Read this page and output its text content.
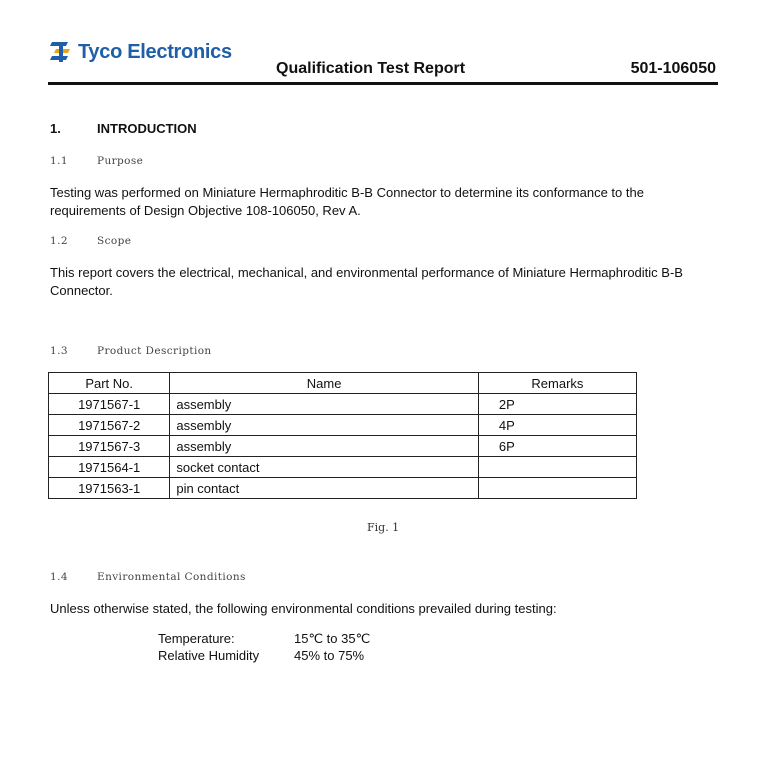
Tyco Electronics
Qualification Test Report	501-106050
1.	INTRODUCTION
1.1	Purpose
Testing was performed on Miniature Hermaphroditic B-B Connector to determine its conformance to the requirements of Design Objective 108-106050, Rev A.
1.2	Scope
This report covers the electrical, mechanical, and environmental performance of Miniature Hermaphroditic B-B Connector.
1.3	Product Description
Part No.	Name	Remarks
1971567-1	assembly	2P
1971567-2	assembly	4P
1971567-3	assembly	6P
1971564-1	socket contact	
1971563-1	pin contact	
Fig. 1
1.4	Environmental Conditions
Unless otherwise stated, the following environmental conditions prevailed during testing:
Temperature:	15℃ to 35℃
Relative Humidity	45% to 75%
